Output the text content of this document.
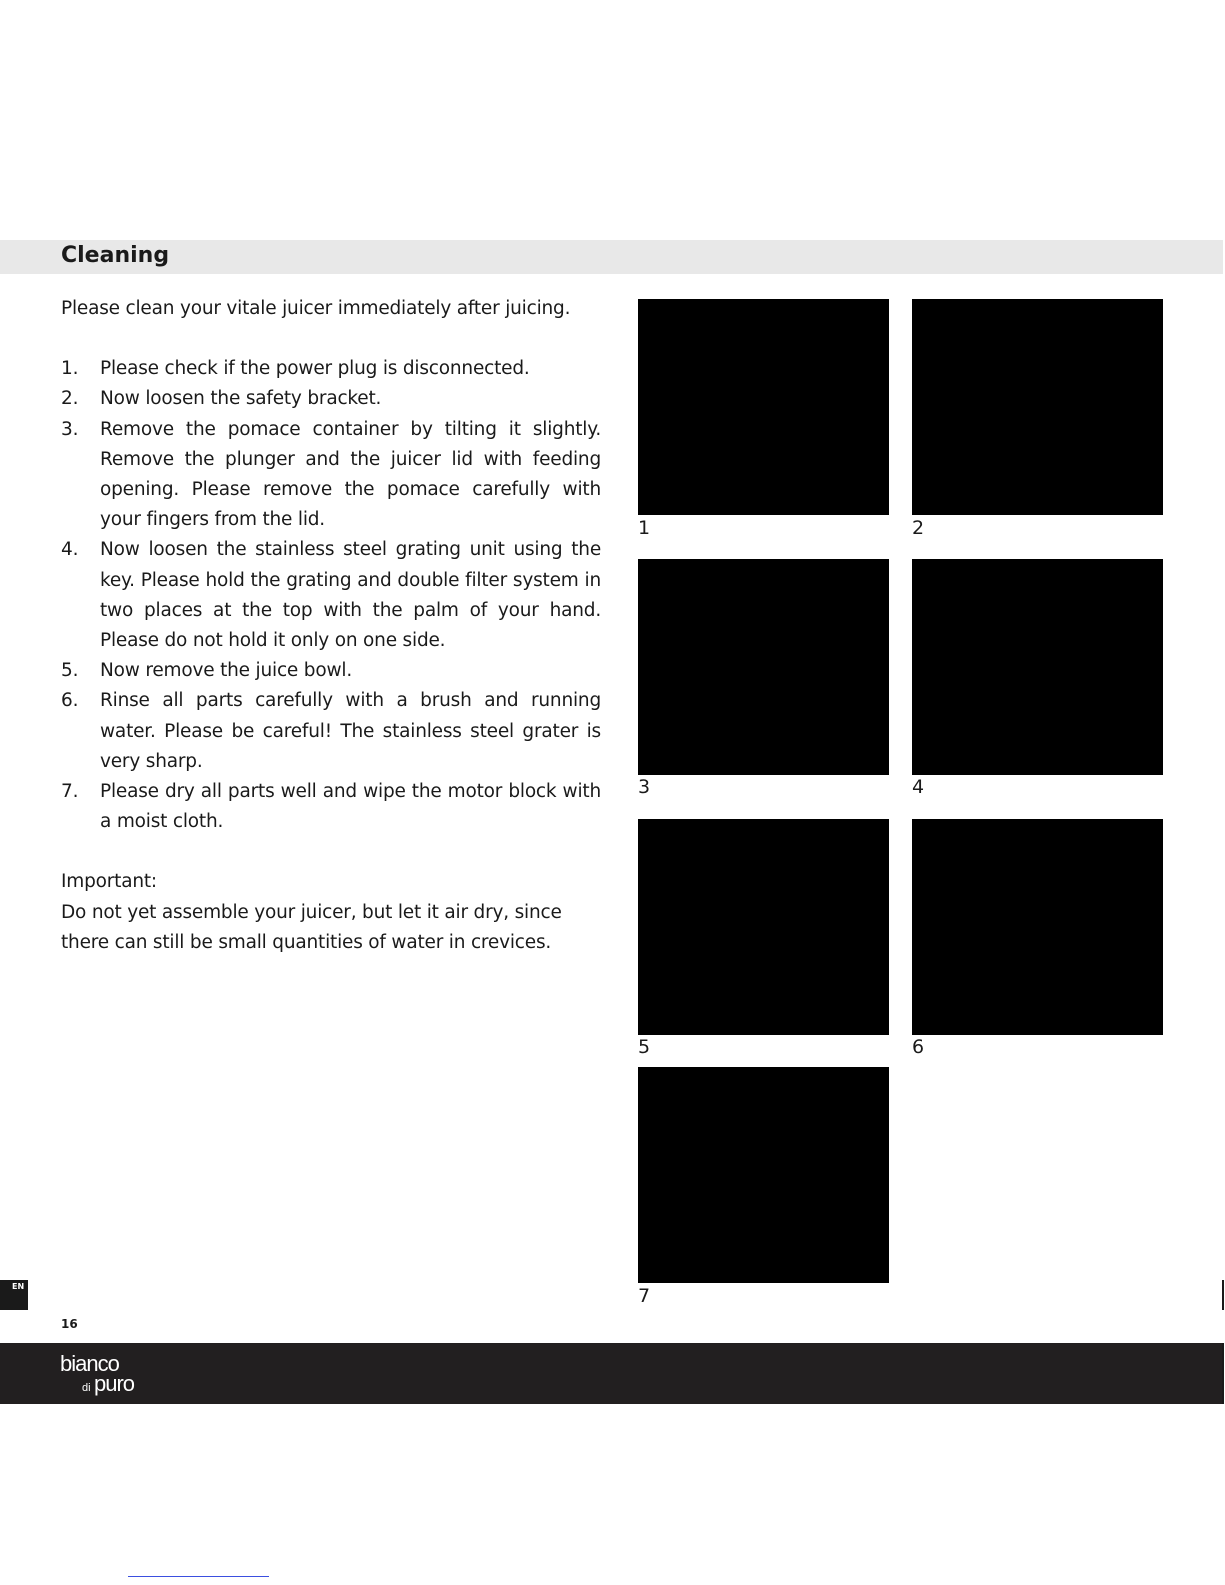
Cleaning

Please clean your vitale juicer immediately after juicing.

1. Please check if the power plug is disconnected.
2. Now loosen the safety bracket.
3. Remove the pomace container by tilting it slightly. Remove the plunger and the juicer lid with feeding opening. Please remove the pomace carefully with your fingers from the lid.
4. Now loosen the stainless steel grating unit using the key. Please hold the grating and double filter system in two places at the top with the palm of your hand. Please do not hold it only on one side.
5. Now remove the juice bowl.
6. Rinse all parts carefully with a brush and running water. Please be careful! The stainless steel grater is very sharp.
7. Please dry all parts well and wipe the motor block with a moist cloth.

Important:

Do not yet assemble your juicer, but let it air dry, since there can still be small quantities of water in crevices.

1	2
3	4
5	6
7
EN
16
bianco
di puro
